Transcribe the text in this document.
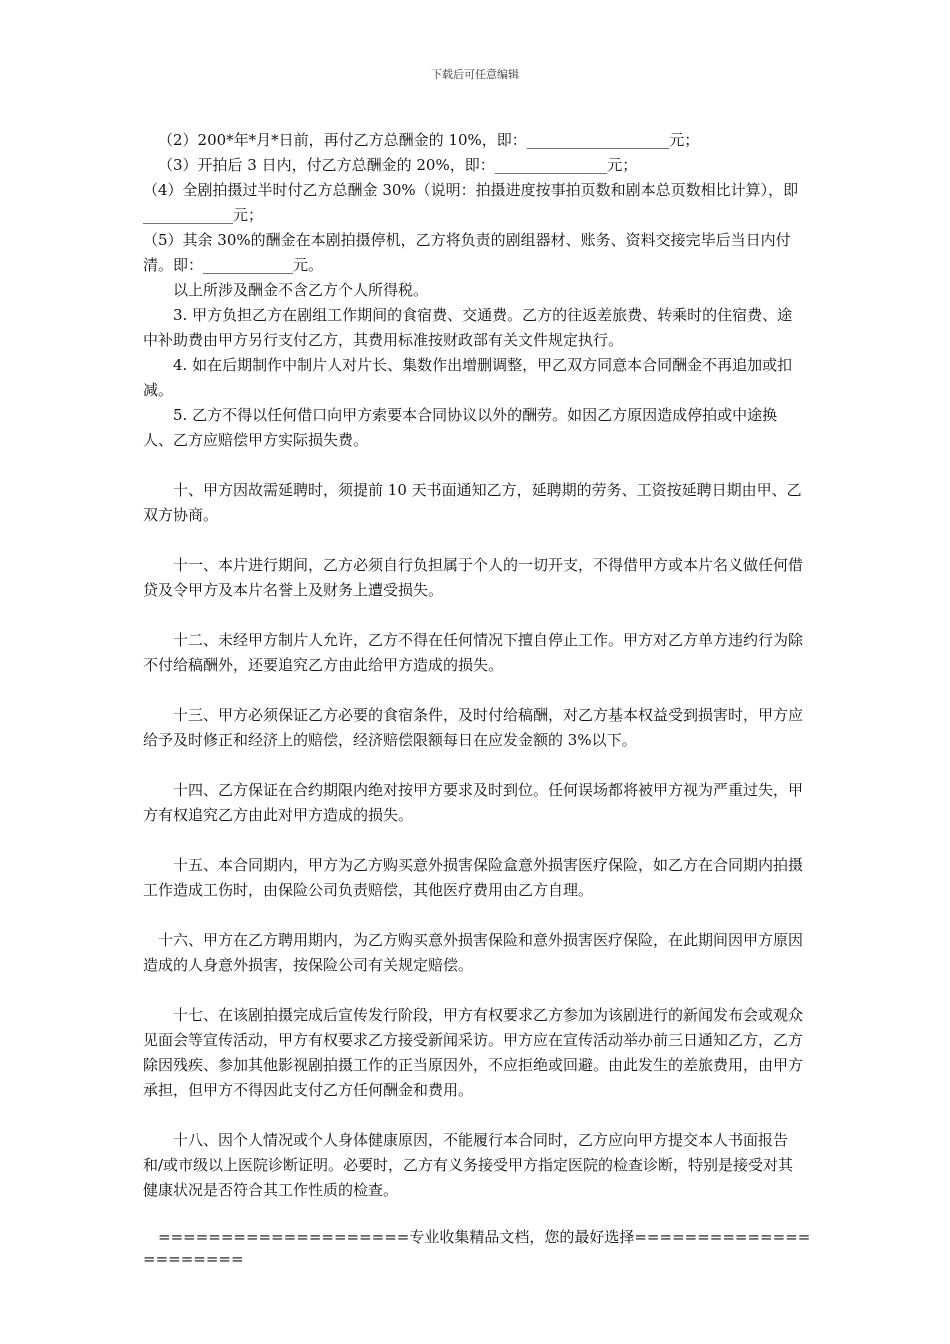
下载后可任意编辑

（2）200*年*月*日前，再付乙方总酬金的 10%，即：___________________元；

（3）开拍后 3 日内，付乙方总酬金的 20%，即：_______________元；

（4）全剧拍摄过半时付乙方总酬金 30%（说明：拍摄进度按事拍页数和剧本总页数相比计算），即____________元；

（5）其余 30%的酬金在本剧拍摄停机，乙方将负责的剧组器材、账务、资料交接完毕后当日内付清。即：____________元。

以上所涉及酬金不含乙方个人所得税。

3. 甲方负担乙方在剧组工作期间的食宿费、交通费。乙方的往返差旅费、转乘时的住宿费、途中补助费由甲方另行支付乙方，其费用标准按财政部有关文件规定执行。

4. 如在后期制作中制片人对片长、集数作出增删调整，甲乙双方同意本合同酬金不再追加或扣减。

5. 乙方不得以任何借口向甲方索要本合同协议以外的酬劳。如因乙方原因造成停拍或中途换人、乙方应赔偿甲方实际损失费。

十、甲方因故需延聘时，须提前 10 天书面通知乙方，延聘期的劳务、工资按延聘日期由甲、乙双方协商。

十一、本片进行期间，乙方必须自行负担属于个人的一切开支，不得借甲方或本片名义做任何借贷及令甲方及本片名誉上及财务上遭受损失。

十二、未经甲方制片人允许，乙方不得在任何情况下擅自停止工作。甲方对乙方单方违约行为除不付给稿酬外，还要追究乙方由此给甲方造成的损失。

十三、甲方必须保证乙方必要的食宿条件，及时付给稿酬，对乙方基本权益受到损害时，甲方应给予及时修正和经济上的赔偿，经济赔偿限额每日在应发金额的 3%以下。

十四、乙方保证在合约期限内绝对按甲方要求及时到位。任何误场都将被甲方视为严重过失，甲方有权追究乙方由此对甲方造成的损失。

十五、本合同期内，甲方为乙方购买意外损害保险盒意外损害医疗保险，如乙方在合同期内拍摄工作造成工伤时，由保险公司负责赔偿，其他医疗费用由乙方自理。

十六、甲方在乙方聘用期内，为乙方购买意外损害保险和意外损害医疗保险，在此期间因甲方原因造成的人身意外损害，按保险公司有关规定赔偿。

十七、在该剧拍摄完成后宣传发行阶段，甲方有权要求乙方参加为该剧进行的新闻发布会或观众见面会等宣传活动，甲方有权要求乙方接受新闻采访。甲方应在宣传活动举办前三日通知乙方，乙方除因残疾、参加其他影视剧拍摄工作的正当原因外，不应拒绝或回避。由此发生的差旅费用，由甲方承担，但甲方不得因此支付乙方任何酬金和费用。

十八、因个人情况或个人身体健康原因，不能履行本合同时，乙方应向甲方提交本人书面报告和/或市级以上医院诊断证明。必要时，乙方有义务接受甲方指定医院的检查诊断，特别是接受对其健康状况是否符合其工作性质的检查。

====================专业收集精品文档，您的最好选择======================
